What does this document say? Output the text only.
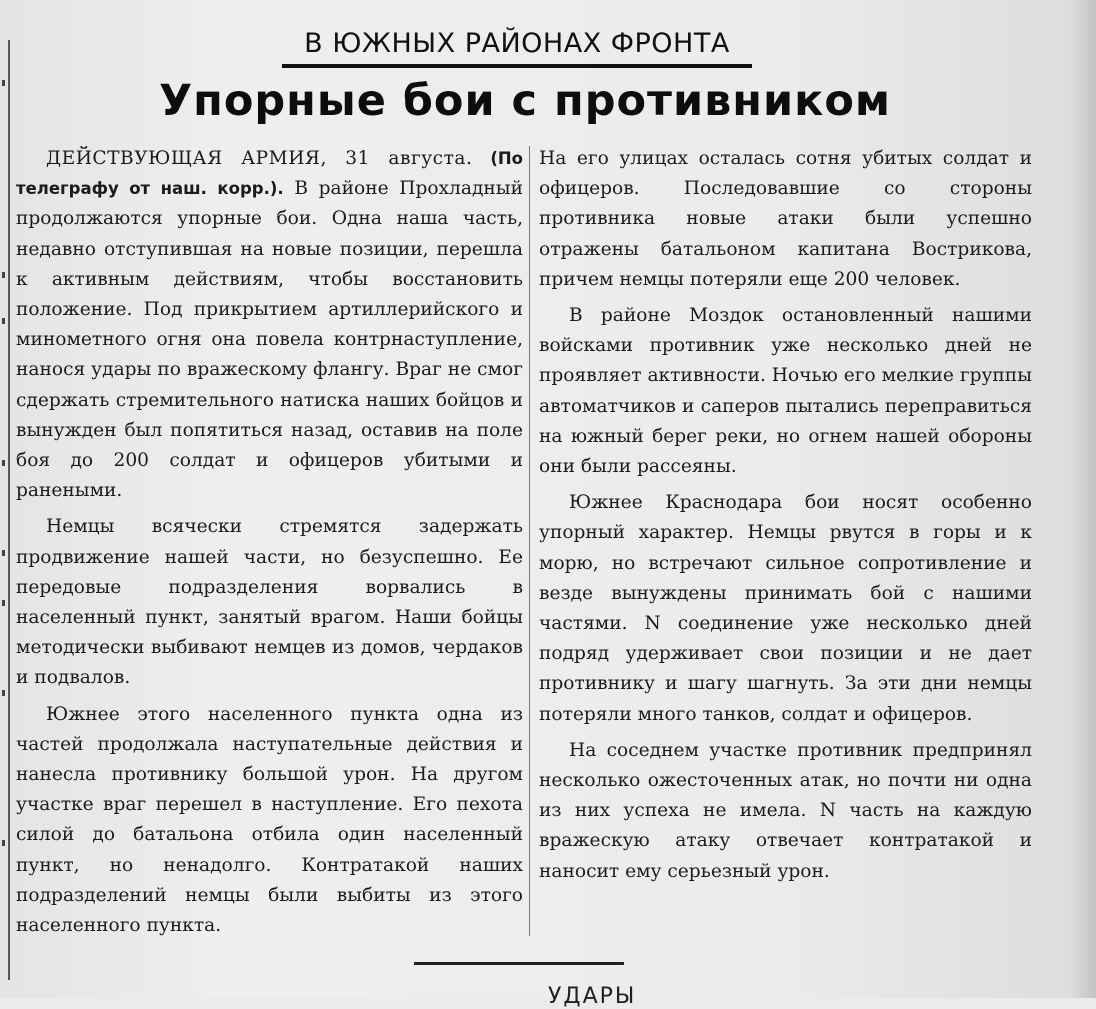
В ЮЖНЫХ РАЙОНАХ ФРОНТА
Упорные бои с противником

ДЕЙСТВУЮЩАЯ АРМИЯ, 31 августа. (По телеграфу от наш. корр.). В районе Прохладный продолжаются упорные бои. Одна наша часть, недавно отступившая на новые позиции, перешла к активным действиям, чтобы восстановить положение. Под прикрытием артиллерийского и минометного огня она повела контрнаступление, нанося удары по вражескому флангу. Враг не смог сдержать стремительного натиска наших бойцов и вынужден был попятиться назад, оставив на поле боя до 200 солдат и офицеров убитыми и ранеными.

Немцы всячески стремятся задержать продвижение нашей части, но безуспешно. Ее передовые подразделения ворвались в населенный пункт, занятый врагом. Наши бойцы методически выбивают немцев из домов, чердаков и подвалов.

Южнее этого населенного пункта одна из частей продолжала наступательные действия и нанесла противнику большой урон. На другом участке враг перешел в наступление. Его пехота силой до батальона отбила один населенный пункт, но ненадолго. Контратакой наших подразделений немцы были выбиты из этого населенного пункта.

На его улицах осталась сотня убитых солдат и офицеров. Последовавшие со стороны противника новые атаки были успешно отражены батальоном капитана Вострикова, причем немцы потеряли еще 200 человек.

В районе Моздок остановленный нашими войсками противник уже несколько дней не проявляет активности. Ночью его мелкие группы автоматчиков и саперов пытались переправиться на южный берег реки, но огнем нашей обороны они были рассеяны.

Южнее Краснодара бои носят особенно упорный характер. Немцы рвутся в горы и к морю, но встречают сильное сопротивление и везде вынуждены принимать бой с нашими частями. N соединение уже несколько дней подряд удерживает свои позиции и не дает противнику и шагу шагнуть. За эти дни немцы потеряли много танков, солдат и офицеров.

На соседнем участке противник предпринял несколько ожесточенных атак, но почти ни одна из них успеха не имела. N часть на каждую вражескую атаку отвечает контратакой и наносит ему серьезный урон.

УДАРЫ
